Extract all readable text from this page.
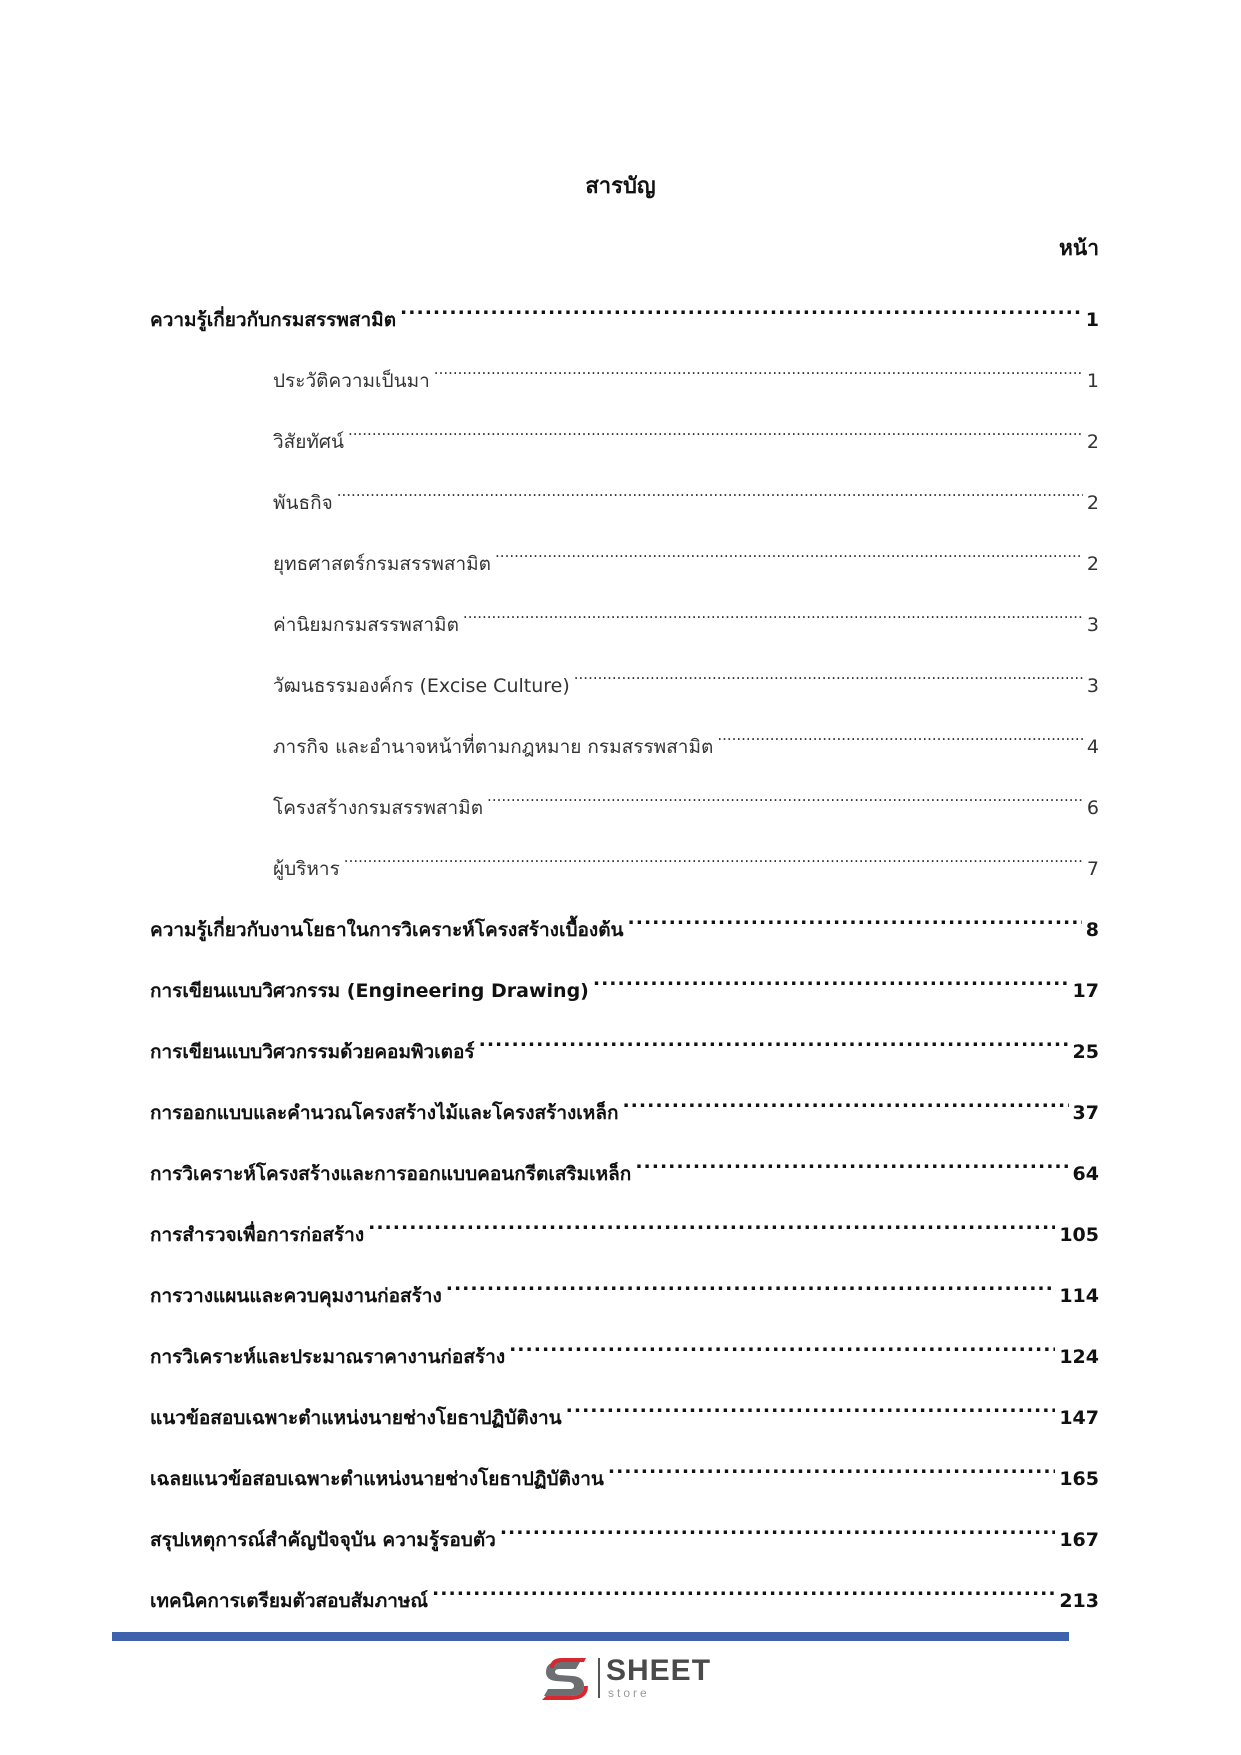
สารบัญ
หน้า
ความรู้เกี่ยวกับกรมสรรพสามิต .....	1
ประวัติความเป็นมา .....	1
วิสัยทัศน์ .....	2
พันธกิจ .....	2
ยุทธศาสตร์กรมสรรพสามิต .....	2
ค่านิยมกรมสรรพสามิต .....	3
วัฒนธรรมองค์กร (Excise Culture) .....	3
ภารกิจ และอำนาจหน้าที่ตามกฎหมาย กรมสรรพสามิต .....	4
โครงสร้างกรมสรรพสามิต .....	6
ผู้บริหาร .....	7
ความรู้เกี่ยวกับงานโยธาในการวิเคราะห์โครงสร้างเบื้องต้น .....	8
การเขียนแบบวิศวกรรม (Engineering Drawing) .....	17
การเขียนแบบวิศวกรรมด้วยคอมพิวเตอร์ .....	25
การออกแบบและคำนวณโครงสร้างไม้และโครงสร้างเหล็ก .....	37
การวิเคราะห์โครงสร้างและการออกแบบคอนกรีตเสริมเหล็ก .....	64
การสำรวจเพื่อการก่อสร้าง .....	105
การวางแผนและควบคุมงานก่อสร้าง .....	114
การวิเคราะห์และประมาณราคางานก่อสร้าง .....	124
แนวข้อสอบเฉพาะตำแหน่งนายช่างโยธาปฏิบัติงาน .....	147
เฉลยแนวข้อสอบเฉพาะตำแหน่งนายช่างโยธาปฏิบัติงาน .....	165
สรุปเหตุการณ์สำคัญปัจจุบัน ความรู้รอบตัว .....	167
เทคนิคการเตรียมตัวสอบสัมภาษณ์ .....	213
SHEET
store
